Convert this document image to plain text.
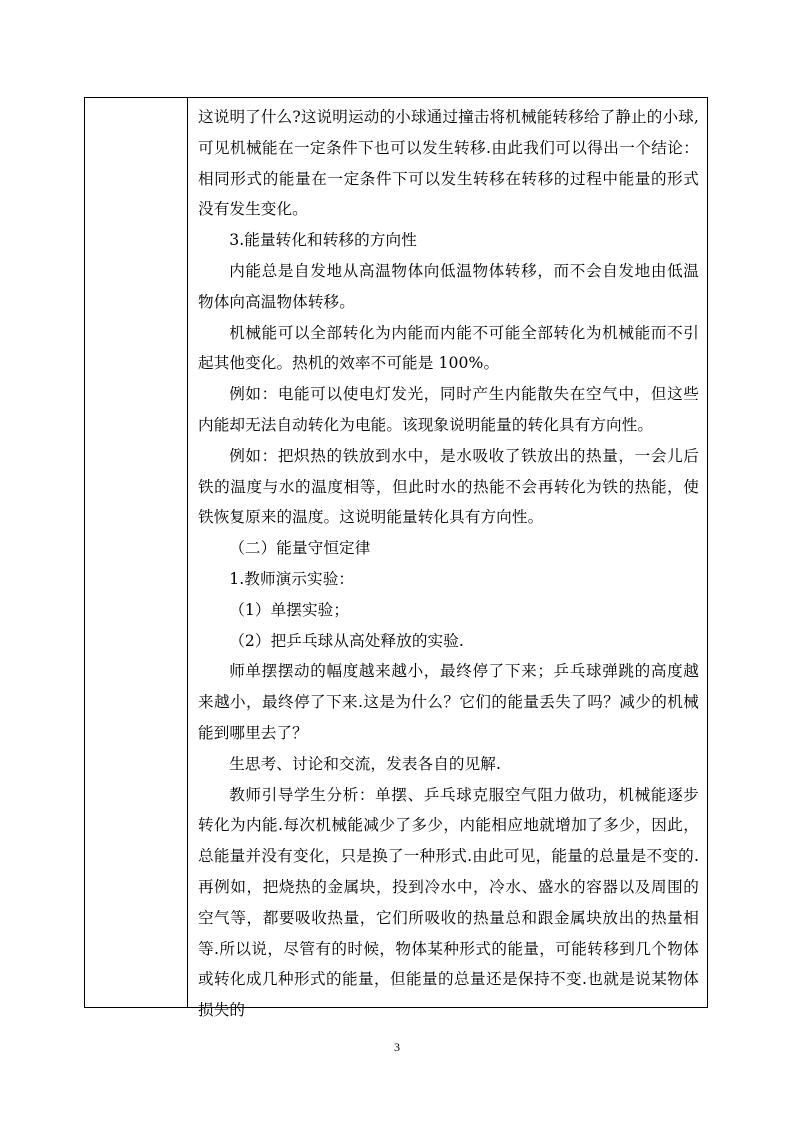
这说明了什么?这说明运动的小球通过撞击将机械能转移给了静止的小球,可见机械能在一定条件下也可以发生转移.由此我们可以得出一个结论：相同形式的能量在一定条件下可以发生转移在转移的过程中能量的形式没有发生变化。

3.能量转化和转移的方向性

内能总是自发地从高温物体向低温物体转移，而不会自发地由低温物体向高温物体转移。

机械能可以全部转化为内能而内能不可能全部转化为机械能而不引起其他变化。热机的效率不可能是 100%。

例如：电能可以使电灯发光，同时产生内能散失在空气中，但这些内能却无法自动转化为电能。该现象说明能量的转化具有方向性。

例如：把炽热的铁放到水中，是水吸收了铁放出的热量，一会儿后铁的温度与水的温度相等，但此时水的热能不会再转化为铁的热能，使铁恢复原来的温度。这说明能量转化具有方向性。

（二）能量守恒定律

1.教师演示实验：

（1）单摆实验；

（2）把乒乓球从高处释放的实验.

师单摆摆动的幅度越来越小，最终停了下来；乒乓球弹跳的高度越来越小，最终停了下来.这是为什么？它们的能量丢失了吗？减少的机械能到哪里去了？

生思考、讨论和交流，发表各自的见解.

教师引导学生分析：单摆、乒乓球克服空气阻力做功，机械能逐步转化为内能.每次机械能减少了多少，内能相应地就增加了多少，因此，总能量并没有变化，只是换了一种形式.由此可见，能量的总量是不变的.再例如，把烧热的金属块，投到冷水中，冷水、盛水的容器以及周围的空气等，都要吸收热量，它们所吸收的热量总和跟金属块放出的热量相等.所以说，尽管有的时候，物体某种形式的能量，可能转移到几个物体或转化成几种形式的能量，但能量的总量还是保持不变.也就是说某物体损失的

3
